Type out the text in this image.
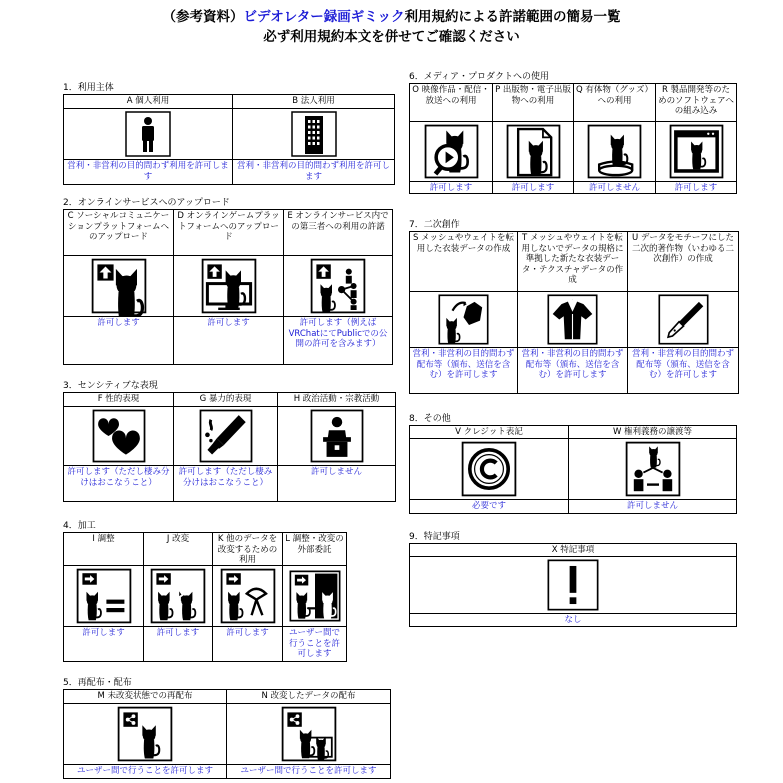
（参考資料）ビデオレター録画ギミック利用規約による許諾範囲の簡易一覧
必ず利用規約本文を併せてご確認ください
1．利用主体
A 個人利用
営利・非営利の目的問わず利用を許可します
B 法人利用
営利・非営利の目的問わず利用を許可します
2．オンラインサービスへのアップロード
C ソーシャルコミュニケーションプラットフォームへのアップロード
許可します
D オンラインゲームプラットフォームへのアップロード
許可します
E オンラインサービス内での第三者への利用の許諾
許可します（例えばVRChatにてPublicでの公開の許可を含みます）
3．センシティブな表現
F 性的表現
許可します（ただし棲み分けはおこなうこと）
G 暴力的表現
許可します（ただし棲み分けはおこなうこと）
H 政治活動・宗教活動
許可しません
4．加工
I 調整
許可します
J 改変
許可します
K 他のデータを改変するための利用
許可します
L 調整・改変の外部委託
ユーザー間で行うことを許可します
5．再配布・配布
M 未改変状態での再配布
ユーザー間で行うことを許可します
N 改変したデータの配布
ユーザー間で行うことを許可します
6．メディア・プロダクトへの使用
O 映像作品・配信・放送への利用
許可します
P 出版物・電子出版物への利用
許可します
Q 有体物（グッズ）への利用
許可しません
R 製品開発等のためのソフトウェアへの組み込み
許可します
7．二次創作
S メッシュやウェイトを転用した衣装データの作成
営利・非営利の目的問わず配布等（頒布、送信を含む）を許可します
T メッシュやウェイトを転用しないでデータの規格に準拠した新たな衣装データ・テクスチャデータの作成
営利・非営利の目的問わず配布等（頒布、送信を含む）を許可します
U データをモチーフにした二次的著作物（いわゆる二次創作）の作成
営利・非営利の目的問わず配布等（頒布、送信を含む）を許可します
8．その他
V クレジット表記
必要です
W 権利義務の譲渡等
許可しません
9．特記事項
X 特記事項
なし
